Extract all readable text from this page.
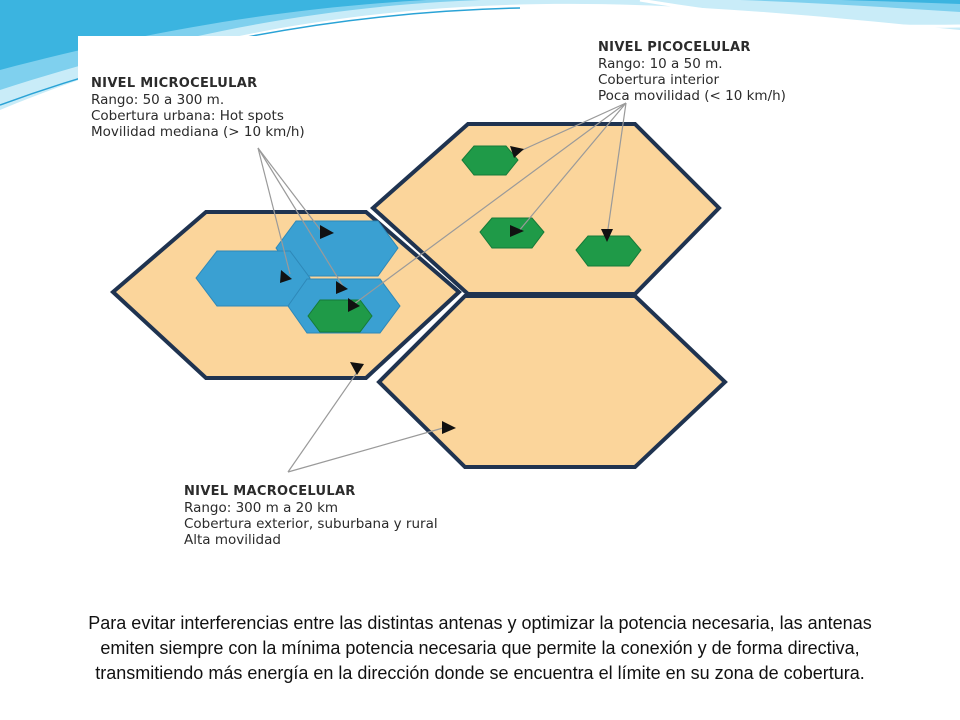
NIVEL PICOCELULAR
Rango: 10 a 50 m.
Cobertura interior
Poca movilidad (< 10 km/h)
NIVEL MICROCELULAR
Rango: 50 a 300 m.
Cobertura urbana: Hot spots
Movilidad mediana (> 10 km/h)
NIVEL MACROCELULAR
Rango: 300 m a 20 km
Cobertura exterior, suburbana y rural
Alta movilidad
Para evitar interferencias entre las distintas antenas y optimizar la potencia necesaria, las antenas
emiten siempre con la mínima potencia necesaria que permite la conexión y de forma directiva,
transmitiendo más energía en la dirección donde se encuentra el límite en su zona de cobertura.
